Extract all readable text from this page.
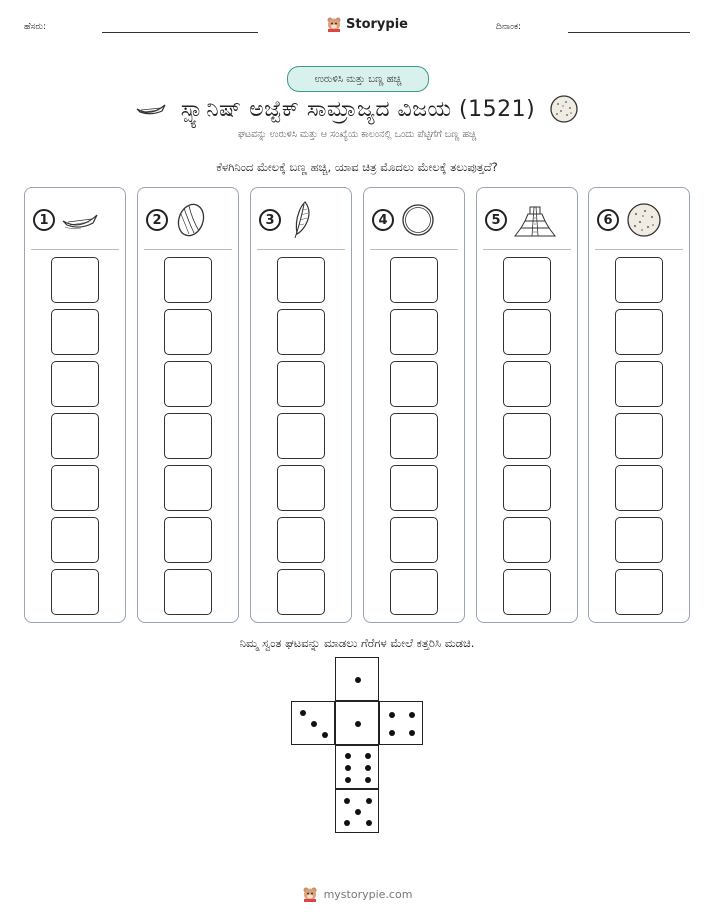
ಹೆಸರು:	Storypie	ದಿನಾಂಕ:
ಉರುಳಿಸಿ ಮತ್ತು ಬಣ್ಣ ಹಚ್ಚಿ
ಸ್ಪ್ಯಾನಿಷ್ ಅಜ್ಟೆಕ್ ಸಾಮ್ರಾಜ್ಯದ ವಿಜಯ (1521)
ಘಟವನ್ನು ಉರುಳಿಸಿ ಮತ್ತು ಆ ಸಂಖ್ಯೆಯ ಕಾಲಂನಲ್ಲಿ ಒಂದು ಪೆಟ್ಟಿಗೆಗೆ ಬಣ್ಣ ಹಚ್ಚಿ
ಕೆಳಗಿನಿಂದ ಮೇಲಕ್ಕೆ ಬಣ್ಣ ಹಚ್ಚಿ, ಯಾವ ಚಿತ್ರ ಮೊದಲು ಮೇಲಕ್ಕೆ ತಲುಪುತ್ತದೆ?
1	2	3	4	5	6
ನಿಮ್ಮ ಸ್ವಂತ ಘಟವನ್ನು ಮಾಡಲು ಗೆರೆಗಳ ಮೇಲೆ ಕತ್ತರಿಸಿ ಮಡಚಿ.
mystorypie.com
